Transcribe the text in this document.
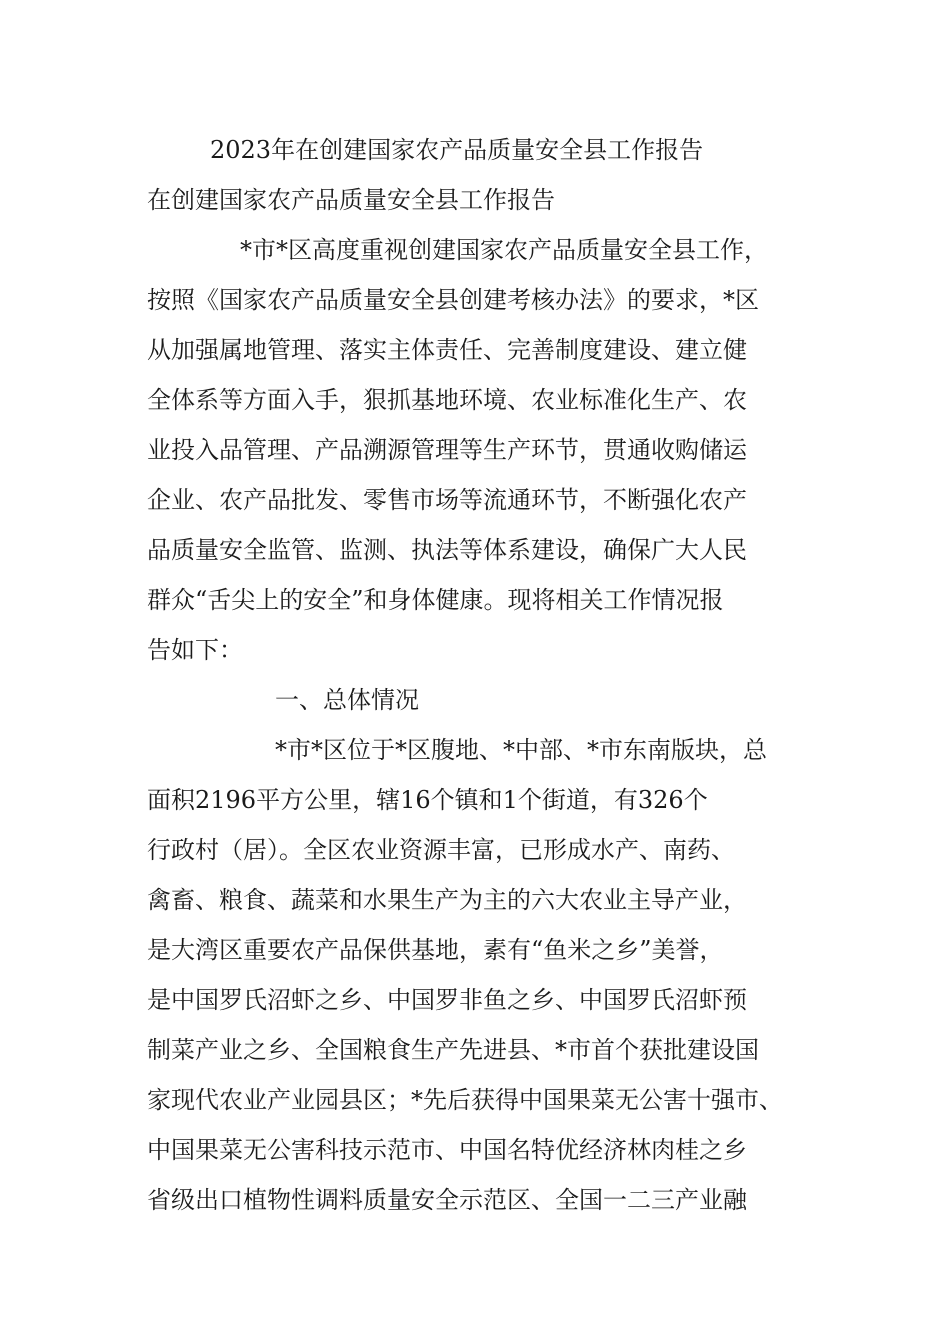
2023年在创建国家农产品质量安全县工作报告
在创建国家农产品质量安全县工作报告
*市*区高度重视创建国家农产品质量安全县工作，
按照《国家农产品质量安全县创建考核办法》的要求，*区
从加强属地管理、落实主体责任、完善制度建设、建立健
全体系等方面入手，狠抓基地环境、农业标准化生产、农
业投入品管理、产品溯源管理等生产环节，贯通收购储运
企业、农产品批发、零售市场等流通环节，不断强化农产
品质量安全监管、监测、执法等体系建设，确保广大人民
群众“舌尖上的安全”和身体健康。现将相关工作情况报
告如下：
一、总体情况
*市*区位于*区腹地、*中部、*市东南版块，总
面积2196平方公里，辖16个镇和1个街道，有326个
行政村（居）。全区农业资源丰富，已形成水产、南药、
禽畜、粮食、蔬菜和水果生产为主的六大农业主导产业，
是大湾区重要农产品保供基地，素有“鱼米之乡”美誉，
是中国罗氏沼虾之乡、中国罗非鱼之乡、中国罗氏沼虾预
制菜产业之乡、全国粮食生产先进县、*市首个获批建设国
家现代农业产业园县区；*先后获得中国果菜无公害十强市、
中国果菜无公害科技示范市、中国名特优经济林肉桂之乡
省级出口植物性调料质量安全示范区、全国一二三产业融
